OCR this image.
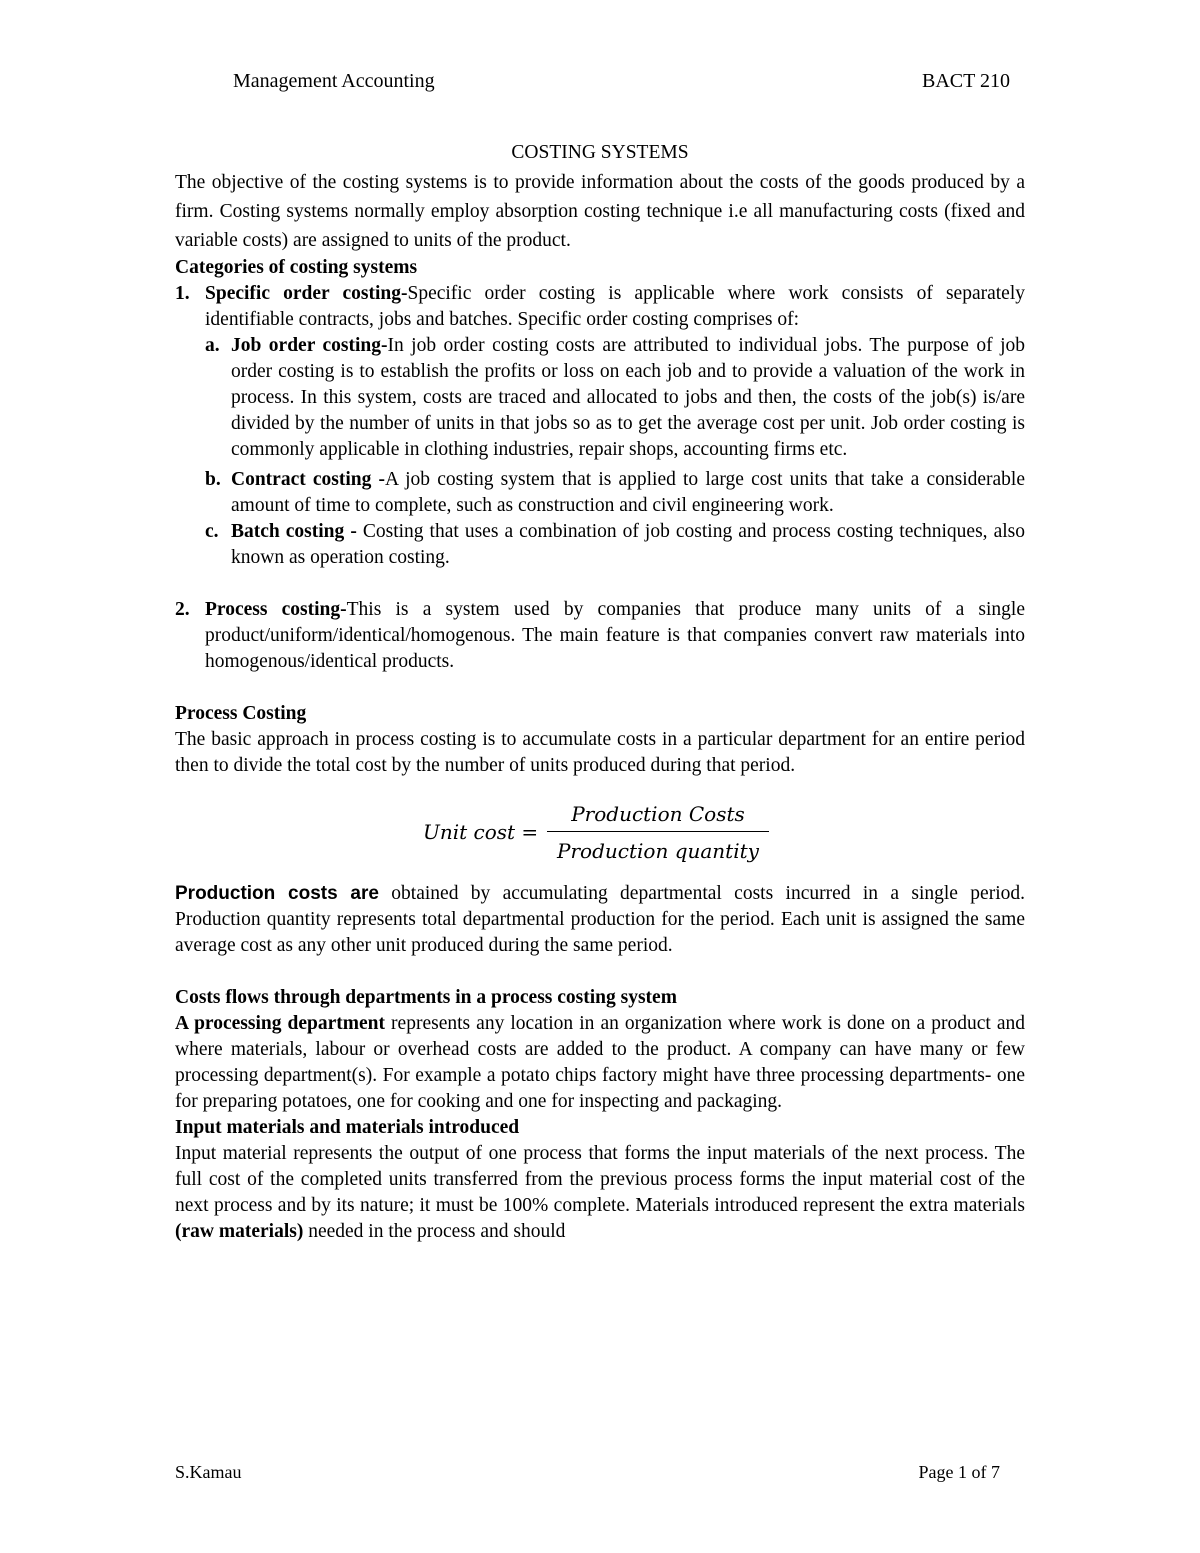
Management Accounting	BACT 210
COSTING SYSTEMS

The objective of the costing systems is to provide information about the costs of the goods produced by a firm. Costing systems normally employ absorption costing technique i.e all manufacturing costs (fixed and variable costs) are assigned to units of the product.

Categories of costing systems
1. Specific order costing-Specific order costing is applicable where work consists of separately identifiable contracts, jobs and batches. Specific order costing comprises of:

a. Job order costing-In job order costing costs are attributed to individual jobs. The purpose of job order costing is to establish the profits or loss on each job and to provide a valuation of the work in process. In this system, costs are traced and allocated to jobs and then, the costs of the job(s) is/are divided by the number of units in that jobs so as to get the average cost per unit. Job order costing is commonly applicable in clothing industries, repair shops, accounting firms etc.

b. Contract costing -A job costing system that is applied to large cost units that take a considerable amount of time to complete, such as construction and civil engineering work.

c. Batch costing - Costing that uses a combination of job costing and process costing techniques, also known as operation costing.

2. Process costing-This is a system used by companies that produce many units of a single product/uniform/identical/homogenous. The main feature is that companies convert raw materials into homogenous/identical products.

Process Costing

The basic approach in process costing is to accumulate costs in a particular department for an entire period then to divide the total cost by the number of units produced during that period.

Unit cost =
Production Costs
Production quantity

Production costs are obtained by accumulating departmental costs incurred in a single period. Production quantity represents total departmental production for the period. Each unit is assigned the same average cost as any other unit produced during the same period.

Costs flows through departments in a process costing system

A processing department represents any location in an organization where work is done on a product and where materials, labour or overhead costs are added to the product. A company can have many or few processing department(s). For example a potato chips factory might have three processing departments- one for preparing potatoes, one for cooking and one for inspecting and packaging.

Input materials and materials introduced

Input material represents the output of one process that forms the input materials of the next process. The full cost of the completed units transferred from the previous process forms the input material cost of the next process and by its nature; it must be 100% complete. Materials introduced represent the extra materials (raw materials) needed in the process and should

S.Kamau	Page 1 of 7
